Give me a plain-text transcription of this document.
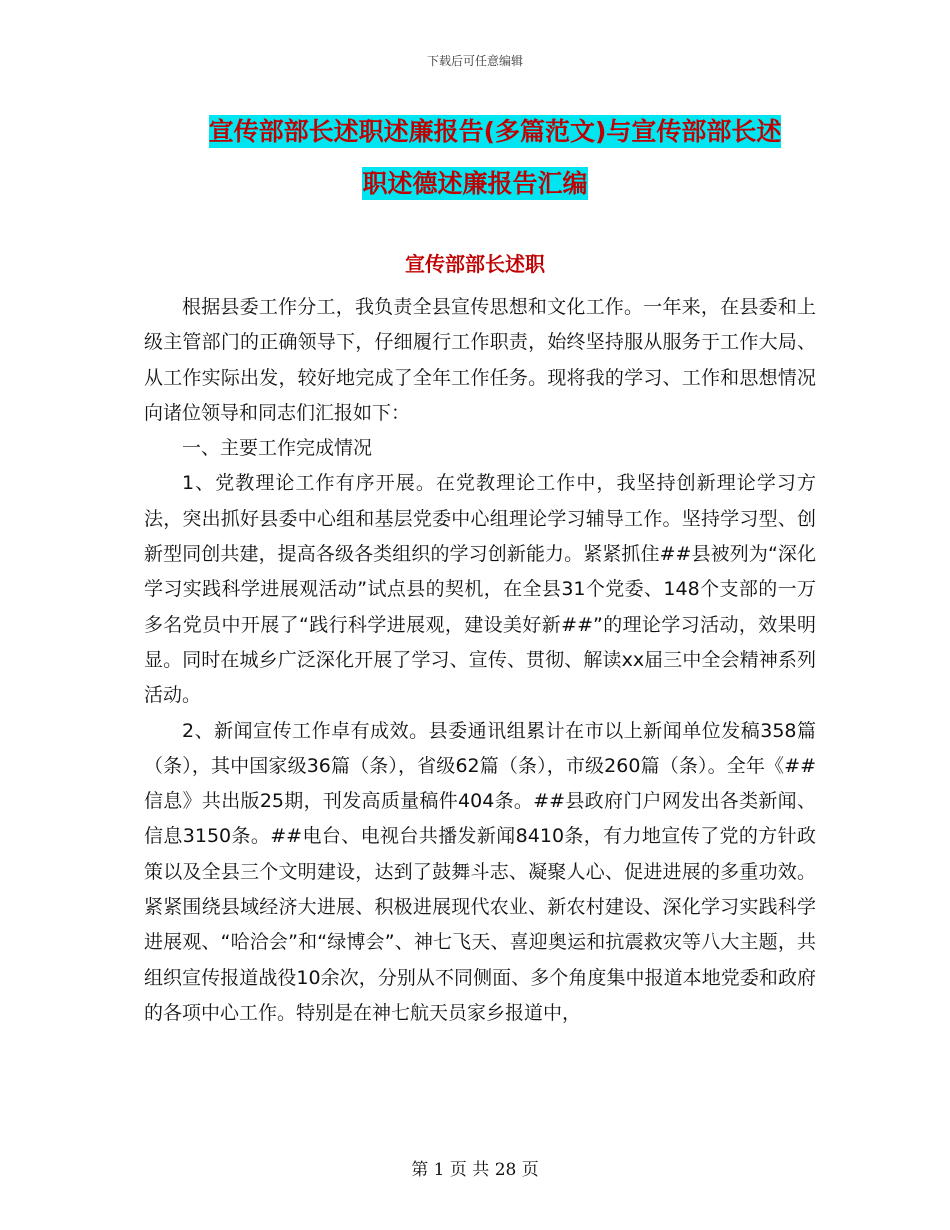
下载后可任意编辑
宣传部部长述职述廉报告(多篇范文)与宣传部部长述
职述德述廉报告汇编
宣传部部长述职

根据县委工作分工，我负责全县宣传思想和文化工作。一年来，在县委和上级主管部门的正确领导下，仔细履行工作职责，始终坚持服从服务于工作大局、从工作实际出发，较好地完成了全年工作任务。现将我的学习、工作和思想情况向诸位领导和同志们汇报如下：

一、主要工作完成情况

1、党教理论工作有序开展。在党教理论工作中，我坚持创新理论学习方法，突出抓好县委中心组和基层党委中心组理论学习辅导工作。坚持学习型、创新型同创共建，提高各级各类组织的学习创新能力。紧紧抓住##县被列为“深化学习实践科学进展观活动”试点县的契机，在全县31个党委、148个支部的一万多名党员中开展了“践行科学进展观，建设美好新##”的理论学习活动，效果明显。同时在城乡广泛深化开展了学习、宣传、贯彻、解读xx届三中全会精神系列活动。

2、新闻宣传工作卓有成效。县委通讯组累计在市以上新闻单位发稿358篇（条），其中国家级36篇（条），省级62篇（条），市级260篇（条）。全年《##信息》共出版25期，刊发高质量稿件404条。##县政府门户网发出各类新闻、信息3150条。##电台、电视台共播发新闻8410条，有力地宣传了党的方针政策以及全县三个文明建设，达到了鼓舞斗志、凝聚人心、促进进展的多重功效。紧紧围绕县域经济大进展、积极进展现代农业、新农村建设、深化学习实践科学进展观、“哈洽会”和“绿博会”、神七飞天、喜迎奥运和抗震救灾等八大主题，共组织宣传报道战役10余次，分别从不同侧面、多个角度集中报道本地党委和政府的各项中心工作。特别是在神七航天员家乡报道中，

第 1 页 共 28 页
